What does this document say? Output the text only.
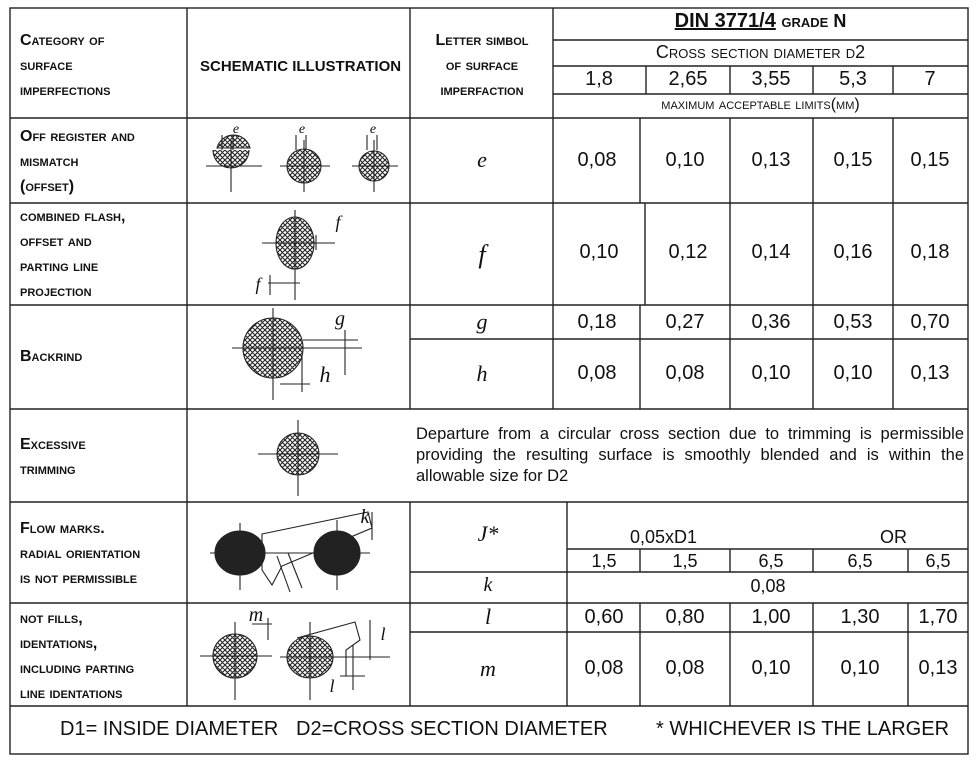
Category of
surface
imperfections
SCHEMATIC ILLUSTRATION
Letter simbol
of surface
imperfaction
DIN 3771/4 grade N
Cross section diameter d2
1,8	2,65 3,55 5,3	7
maximum acceptable limits(mm)
Off register and
mismatch
(offset)
e	e	e
e	0,08 0,10 0,13 0,15 0,15
combined flash,
offset and
parting line
projection
f
f
f	0,10	0,12 0,14 0,16 0,18
Backrind
g
h
g	0,18 0,27 0,36 0,53 0,70
h	0,08 0,08 0,10 0,10 0,13
Excessive
trimming
Departure from a circular cross section due to trimming is permissible
providing the resulting surface is smoothly blended and is within the
allowable size for D2
Flow marks.
radial orientation
is not permissible
k
J*	0,05xD1	OR
1,5	1,5	6,5	6,5	6,5
k	0,08
not fills,
identations,
including parting
line identations
m
l
l
l	0,60 0,80 1,00	1,30 1,70
m	0,08 0,08 0,10	0,10 0,13
D1= INSIDE DIAMETER D2=CROSS SECTION DIAMETER * WHICHEVER IS THE LARGER
